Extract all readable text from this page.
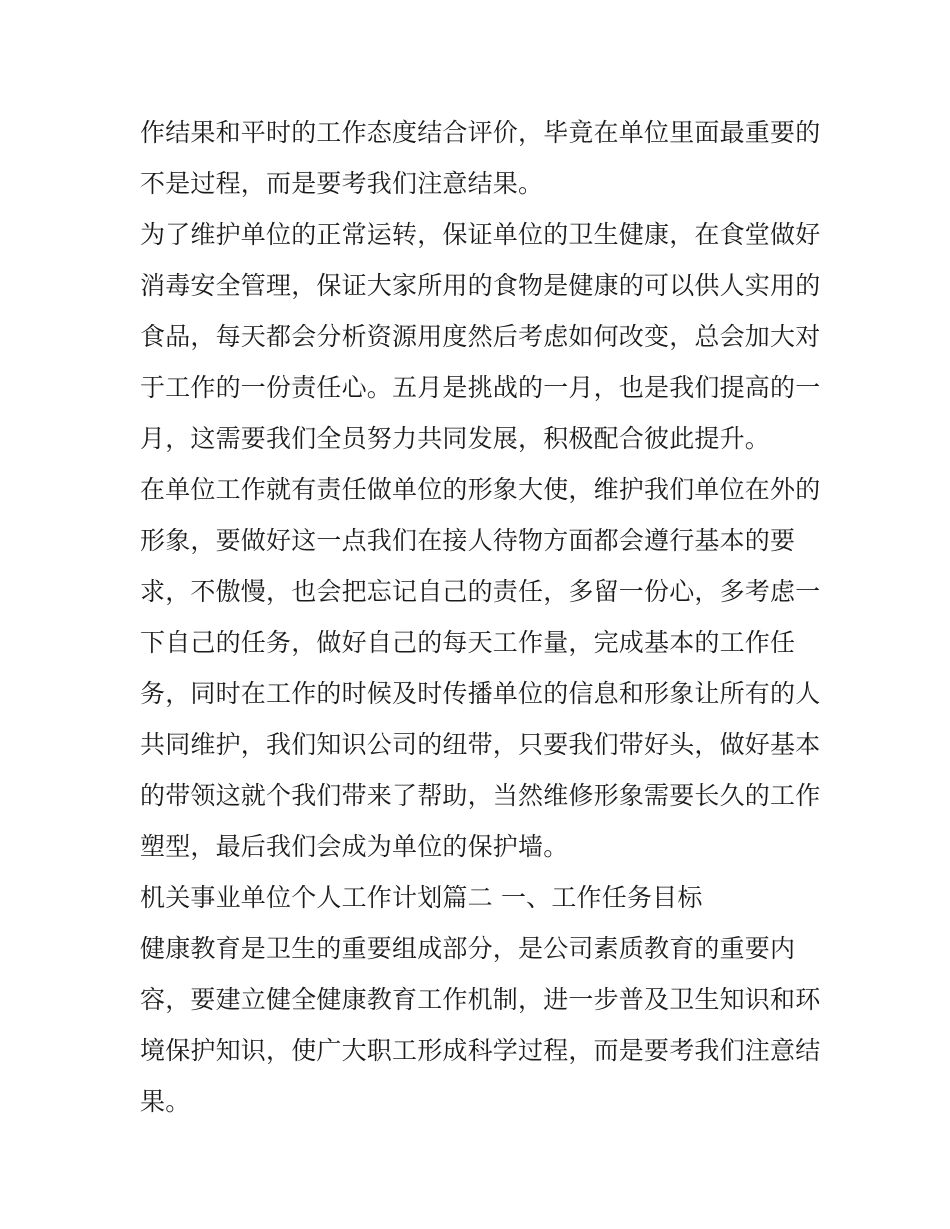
作结果和平时的工作态度结合评价，毕竟在单位里面最重要的
不是过程，而是要考我们注意结果。
为了维护单位的正常运转，保证单位的卫生健康，在食堂做好
消毒安全管理，保证大家所用的食物是健康的可以供人实用的
食品，每天都会分析资源用度然后考虑如何改变，总会加大对
于工作的一份责任心。五月是挑战的一月，也是我们提高的一
月，这需要我们全员努力共同发展，积极配合彼此提升。
在单位工作就有责任做单位的形象大使，维护我们单位在外的
形象，要做好这一点我们在接人待物方面都会遵行基本的要
求，不傲慢，也会把忘记自己的责任，多留一份心，多考虑一
下自己的任务，做好自己的每天工作量，完成基本的工作任
务，同时在工作的时候及时传播单位的信息和形象让所有的人
共同维护，我们知识公司的纽带，只要我们带好头，做好基本
的带领这就个我们带来了帮助，当然维修形象需要长久的工作
塑型，最后我们会成为单位的保护墙。
机关事业单位个人工作计划篇二 一、工作任务目标
健康教育是卫生的重要组成部分，是公司素质教育的重要内
容，要建立健全健康教育工作机制，进一步普及卫生知识和环
境保护知识，使广大职工形成科学过程，而是要考我们注意结
果。
